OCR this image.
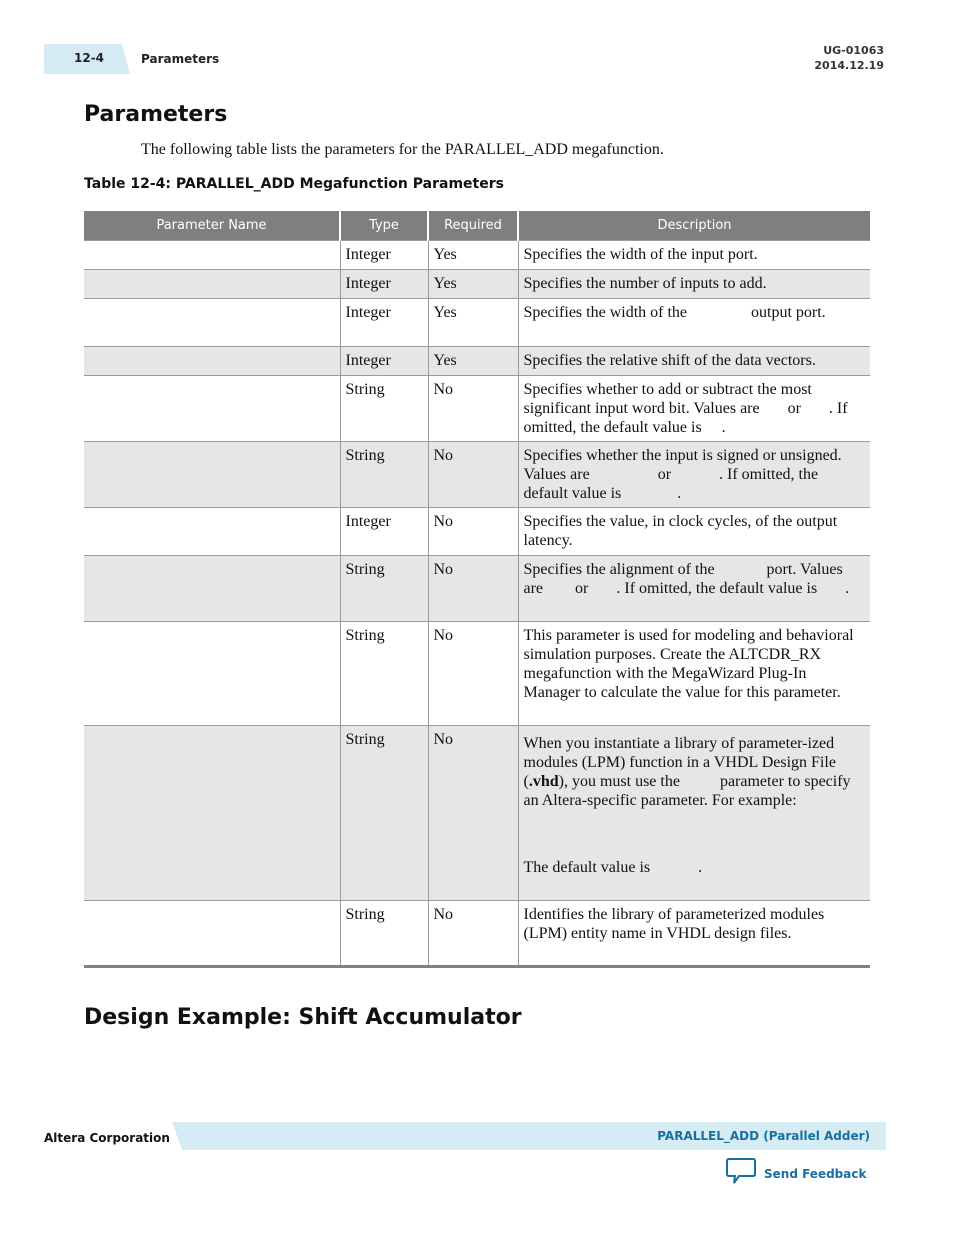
12-4	Parameters
UG-01063
2014.12.19
Parameters

The following table lists the parameters for the PARALLEL_ADD megafunction.

Table 12-4: PARALLEL_ADD Megafunction Parameters
Parameter Name	Type	Required	Description
	Integer	Yes	Specifies the width of the input port.
	Integer	Yes	Specifies the number of inputs to add.
	Integer	Yes	Specifies the width of the                output port.
	Integer	Yes	Specifies the relative shift of the data vectors.
	String	No	Specifies whether to add or subtract the most significant input word bit. Values are       or       . If omitted, the default value is     .
	String	No	Specifies whether the input is signed or unsigned. Values are                 or            . If omitted, the default value is              .
	Integer	No	Specifies the value, in clock cycles, of the output latency.
	String	No	Specifies the alignment of the             port. Values are        or       . If omitted, the default value is       .
	String	No	This parameter is used for modeling and behavioral simulation purposes. Create the ALTCDR_RX megafunction with the MegaWizard Plug-In Manager to calculate the value for this parameter.
	String	No	When you instantiate a library of parameter-ized modules (LPM) function in a VHDL Design File (.vhd), you must use the          parameter to specify an Altera-specific parameter. For example:
The default value is            .
	String	No	Identifies the library of parameterized modules (LPM) entity name in VHDL design files.
Design Example: Shift Accumulator
Altera Corporation	PARALLEL_ADD (Parallel Adder)
Send Feedback
